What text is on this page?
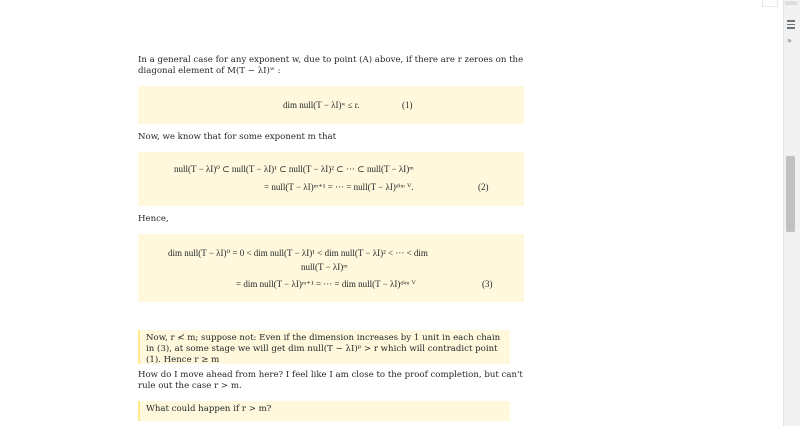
In a general case for any exponent w, due to point (A) above, if there are r zeroes on the diagonal element of M(T − λI)ʷ :
dim null(T − λI)ʷ ≤ r.	(1)
Now, we know that for some exponent m that
null(T − λI)⁰ ⊂ null(T − λI)¹ ⊂ null(T − λI)² ⊂ ··· ⊂ null(T − λI)ᵐ
= null(T − λI)ᵐ⁺¹ = ··· = null(T − λI)ᵈⁱᵐ ⱽ.	(2)
Hence,
dim null(T − λI)⁰ = 0 < dim null(T − λI)¹ < dim null(T − λI)² < ··· < dim
null(T − λI)ᵐ
= dim null(T − λI)ᵐ⁺¹ = ··· = dim null(T − λI)ᵈⁱᵐ ⱽ	(3)
Now, r ≮ m; suppose not: Even if the dimension increases by 1 unit in each chain in (3), at some stage we will get dim null(T − λI)ᵖ > r which will contradict point (1). Hence r ≥ m
How do I move ahead from here? I feel like I am close to the proof completion, but can't rule out the case r > m.
What could happen if r > m?
»
